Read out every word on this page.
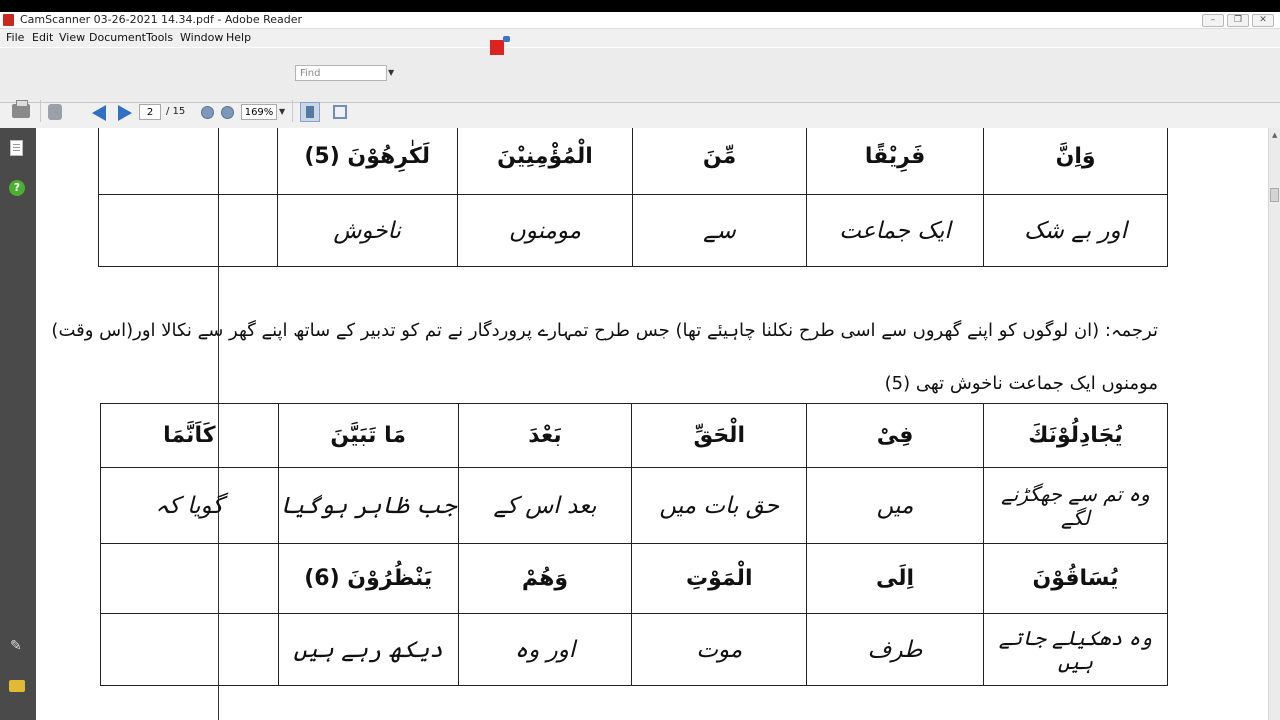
CamScanner 03-26-2021 14.34.pdf - Adobe Reader	–	❐	✕
File Edit View Document Tools Window Help
Find	▼
2	/ 15	169% ▼
?
✎
		لَكٰرِهُوْنَ (5)	الْمُؤْمِنِيْنَ	مِّنَ	فَرِيْقًا	وَاِنَّ
		ناخوش	مومنوں	سے	ایک جماعت	اور بے شک
ترجمہ: (ان لوگوں کو اپنے گھروں سے اسی طرح نکلنا چاہیئے تھا) جس طرح تمہارے پروردگار نے تم کو تدبیر کے ساتھ اپنے گھر سے نکالا اور(اس وقت)
مومنوں ایک جماعت ناخوش تھی (5)
كَاَنَّمَا	مَا تَبَيَّنَ	بَعْدَ	الْحَقِّ	فِىْ	يُجَادِلُوْنَكَ
گویا کہ	جب ظاہر ہوگیا	بعد اس کے	حق بات میں	میں	وہ تم سے جھگڑنے لگے
	يَنْظُرُوْنَ (6)	وَهُمْ	الْمَوْتِ	اِلَى	يُسَاقُوْنَ
	دیکھ رہے ہیں	اور وہ	موت	طرف	وہ دھکیلے جاتے ہیں
▲
